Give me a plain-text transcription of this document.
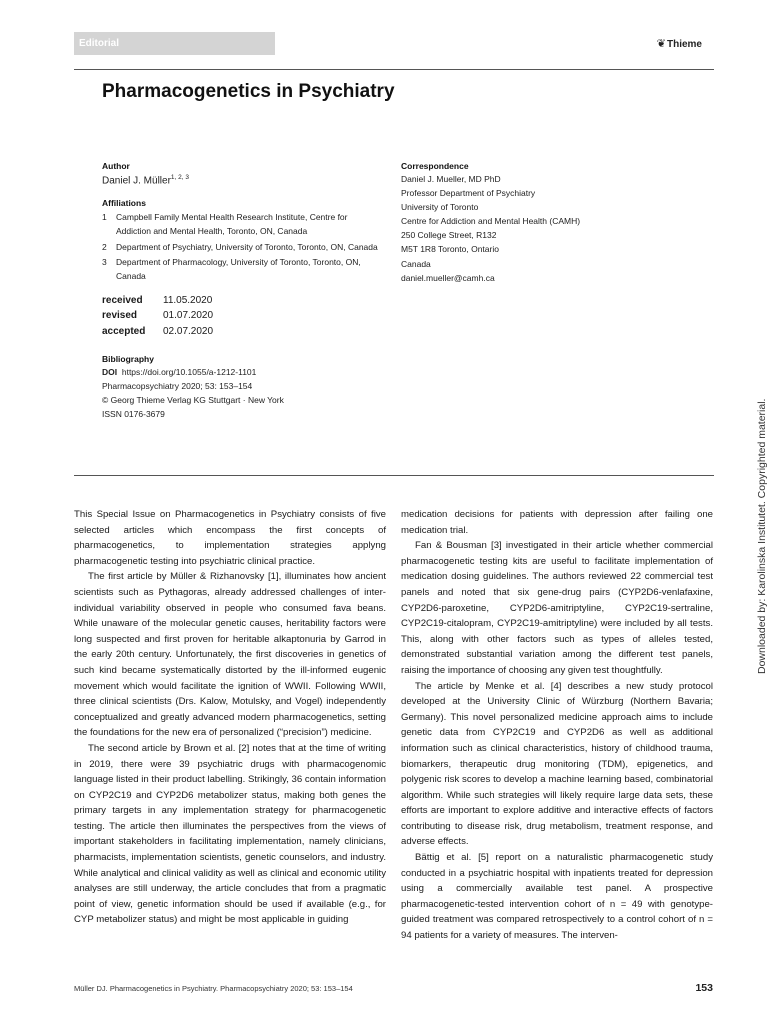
Editorial	❦Thieme
Pharmacogenetics in Psychiatry
Author
Daniel J. Müller$^{1, 2, 3}$
Affiliations
1	Campbell Family Mental Health Research Institute, Centre for Addiction and Mental Health, Toronto, ON, Canada
2	Department of Psychiatry, University of Toronto, Toronto, ON, Canada
3	Department of Pharmacology, University of Toronto, Toronto, ON, Canada
received	11.05.2020
revised	01.07.2020
accepted	02.07.2020
Bibliography
DOI https://doi.org/10.1055/a-1212-1101
Pharmacopsychiatry 2020; 53: 153–154
© Georg Thieme Verlag KG Stuttgart · New York
ISSN 0176-3679
Correspondence
Daniel J. Mueller, MD PhD
Professor Department of Psychiatry
University of Toronto
Centre for Addiction and Mental Health (CAMH)
250 College Street, R132
M5T 1R8 Toronto, Ontario
Canada
daniel.mueller@camh.ca

This Special Issue on Pharmacogenetics in Psychiatry consists of five selected articles which encompass the first concepts of pharmacogenetics, to implementation strategies applyng pharmacogenetic testing into psychiatric clinical practice.

The first article by Müller & Rizhanovsky [1], illuminates how ancient scientists such as Pythagoras, already addressed challenges of inter-individual variability observed in people who consumed fava beans. While unaware of the molecular genetic causes, heritability factors were long suspected and first proven for heritable alkaptonuria by Garrod in the early 20th century. Unfortunately, the first discoveries in genetics of such kind became systematically distorted by the ill-informed eugenic movement which would facilitate the ignition of WWII. Following WWII, three clinical scientists (Drs. Kalow, Motulsky, and Vogel) independently conceptualized and greatly advanced modern pharmacogenetics, setting the foundations for the new era of personalized (“precision”) medicine.

The second article by Brown et al. [2] notes that at the time of writing in 2019, there were 39 psychiatric drugs with pharmacogenomic language listed in their product labelling. Strikingly, 36 contain information on CYP2C19 and CYP2D6 metabolizer status, making both genes the primary targets in any implementation strategy for pharmacogenetic testing. The article then illuminates the perspectives from the views of important stakeholders in facilitating implementation, namely clinicians, pharmacists, implementation scientists, genetic counselors, and industry. While analytical and clinical validity as well as clinical and economic utility analyses are still underway, the article concludes that from a pragmatic point of view, genetic information should be used if available (e.g., for CYP metabolizer status) and might be most applicable in guiding

medication decisions for patients with depression after failing one medication trial.

Fan & Bousman [3] investigated in their article whether commercial pharmacogenetic testing kits are useful to facilitate implementation of medication dosing guidelines. The authors reviewed 22 commercial test panels and noted that six gene-drug pairs (CYP2D6-venlafaxine, CYP2D6-paroxetine, CYP2D6-amitriptyline, CYP2C19-sertraline, CYP2C19-citalopram, CYP2C19-amitriptyline) were included by all tests. This, along with other factors such as types of alleles tested, demonstrated substantial variation among the different test panels, raising the importance of choosing any given test thoughtfully.

The article by Menke et al. [4] describes a new study protocol developed at the University Clinic of Würzburg (Northern Bavaria; Germany). This novel personalized medicine approach aims to include genetic data from CYP2C19 and CYP2D6 as well as additional information such as clinical characteristics, history of childhood trauma, biomarkers, therapeutic drug monitoring (TDM), epigenetics, and polygenic risk scores to develop a machine learning based, combinatorial algorithm. While such strategies will likely require large data sets, these efforts are important to explore additive and interactive effects of factors contributing to disease risk, drug metabolism, treatment response, and adverse effects.

Bättig et al. [5] report on a naturalistic pharmacogenetic study conducted in a psychiatric hospital with inpatients treated for depression using a commercially available test panel. A prospective pharmacogenetic-tested intervention cohort of n = 49 with genotype-guided treatment was compared retrospectively to a control cohort of n = 94 patients for a variety of measures. The interven-

Downloaded by: Karolinska Institutet. Copyrighted material.
Müller DJ. Pharmacogenetics in Psychiatry. Pharmacopsychiatry 2020; 53: 153–154	153
